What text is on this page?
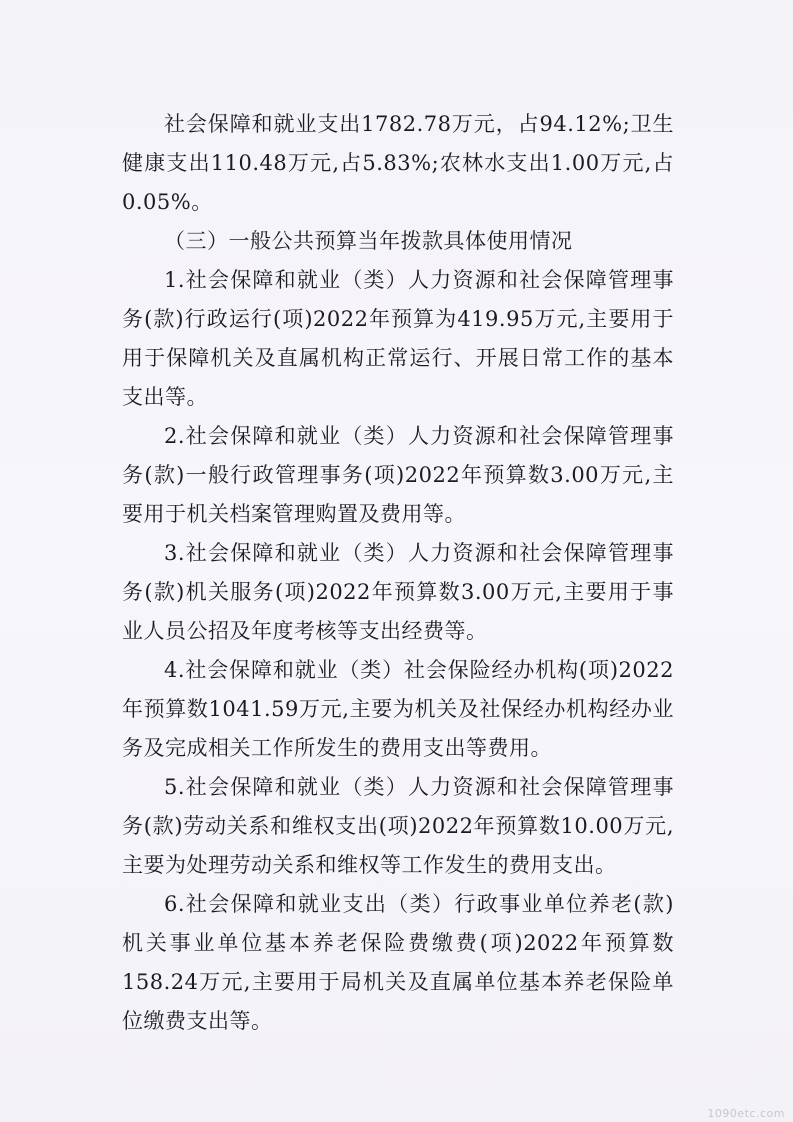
社会保障和就业支出1782.78万元，占94.12%;卫生健康支出110.48万元,占5.83%;农林水支出1.00万元,占0.05%。

（三）一般公共预算当年拨款具体使用情况

1.社会保障和就业（类）人力资源和社会保障管理事务(款)行政运行(项)2022年预算为419.95万元,主要用于用于保障机关及直属机构正常运行、开展日常工作的基本支出等。

2.社会保障和就业（类）人力资源和社会保障管理事务(款)一般行政管理事务(项)2022年预算数3.00万元,主要用于机关档案管理购置及费用等。

3.社会保障和就业（类）人力资源和社会保障管理事务(款)机关服务(项)2022年预算数3.00万元,主要用于事业人员公招及年度考核等支出经费等。

4.社会保障和就业（类）社会保险经办机构(项)2022年预算数1041.59万元,主要为机关及社保经办机构经办业务及完成相关工作所发生的费用支出等费用。

5.社会保障和就业（类）人力资源和社会保障管理事务(款)劳动关系和维权支出(项)2022年预算数10.00万元,主要为处理劳动关系和维权等工作发生的费用支出。

6.社会保障和就业支出（类）行政事业单位养老(款)机关事业单位基本养老保险费缴费(项)2022年预算数158.24万元,主要用于局机关及直属单位基本养老保险单位缴费支出等。

1090etc.com
